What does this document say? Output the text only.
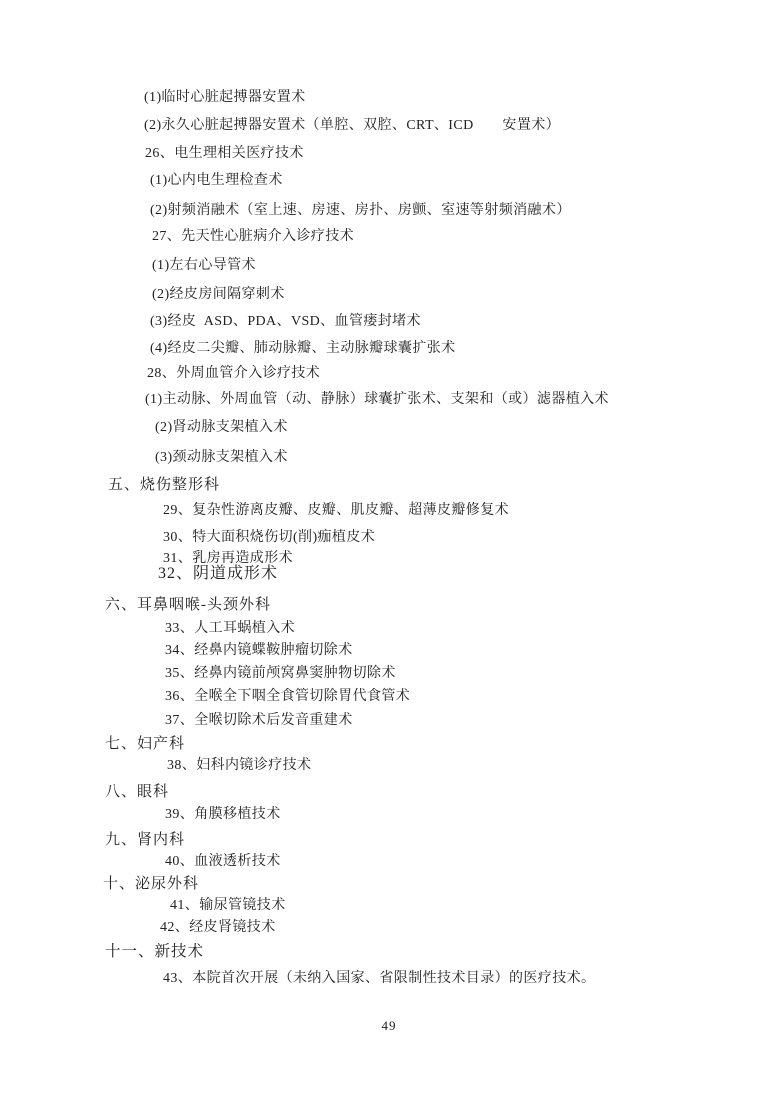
(1)临时心脏起搏器安置术
(2)永久心脏起搏器安置术（单腔、双腔、CRT、ICD　　安置术）
26、电生理相关医疗技术
(1)心内电生理检查术
(2)射频消融术（室上速、房速、房扑、房颤、室速等射频消融术）
27、先天性心脏病介入诊疗技术
(1)左右心导管术
(2)经皮房间隔穿刺术
(3)经皮 ASD、PDA、VSD、血管瘘封堵术
(4)经皮二尖瓣、肺动脉瓣、主动脉瓣球囊扩张术
28、外周血管介入诊疗技术
(1)主动脉、外周血管（动、静脉）球囊扩张术、支架和（或）滤器植入术
(2)肾动脉支架植入术
(3)颈动脉支架植入术
五、烧伤整形科
29、复杂性游离皮瓣、皮瓣、肌皮瓣、超薄皮瓣修复术
30、特大面积烧伤切(削)痂植皮术
31、乳房再造成形术
32、阴道成形术
六、耳鼻咽喉-头颈外科
33、人工耳蜗植入术
34、经鼻内镜蝶鞍肿瘤切除术
35、经鼻内镜前颅窝鼻窦肿物切除术
36、全喉全下咽全食管切除胃代食管术
37、全喉切除术后发音重建术
七、妇产科
38、妇科内镜诊疗技术
八、眼科
39、角膜移植技术
九、肾内科
40、血液透析技术
十、泌尿外科
41、输尿管镜技术
42、经皮肾镜技术
十一、新技术
43、本院首次开展（未纳入国家、省限制性技术目录）的医疗技术。
49
